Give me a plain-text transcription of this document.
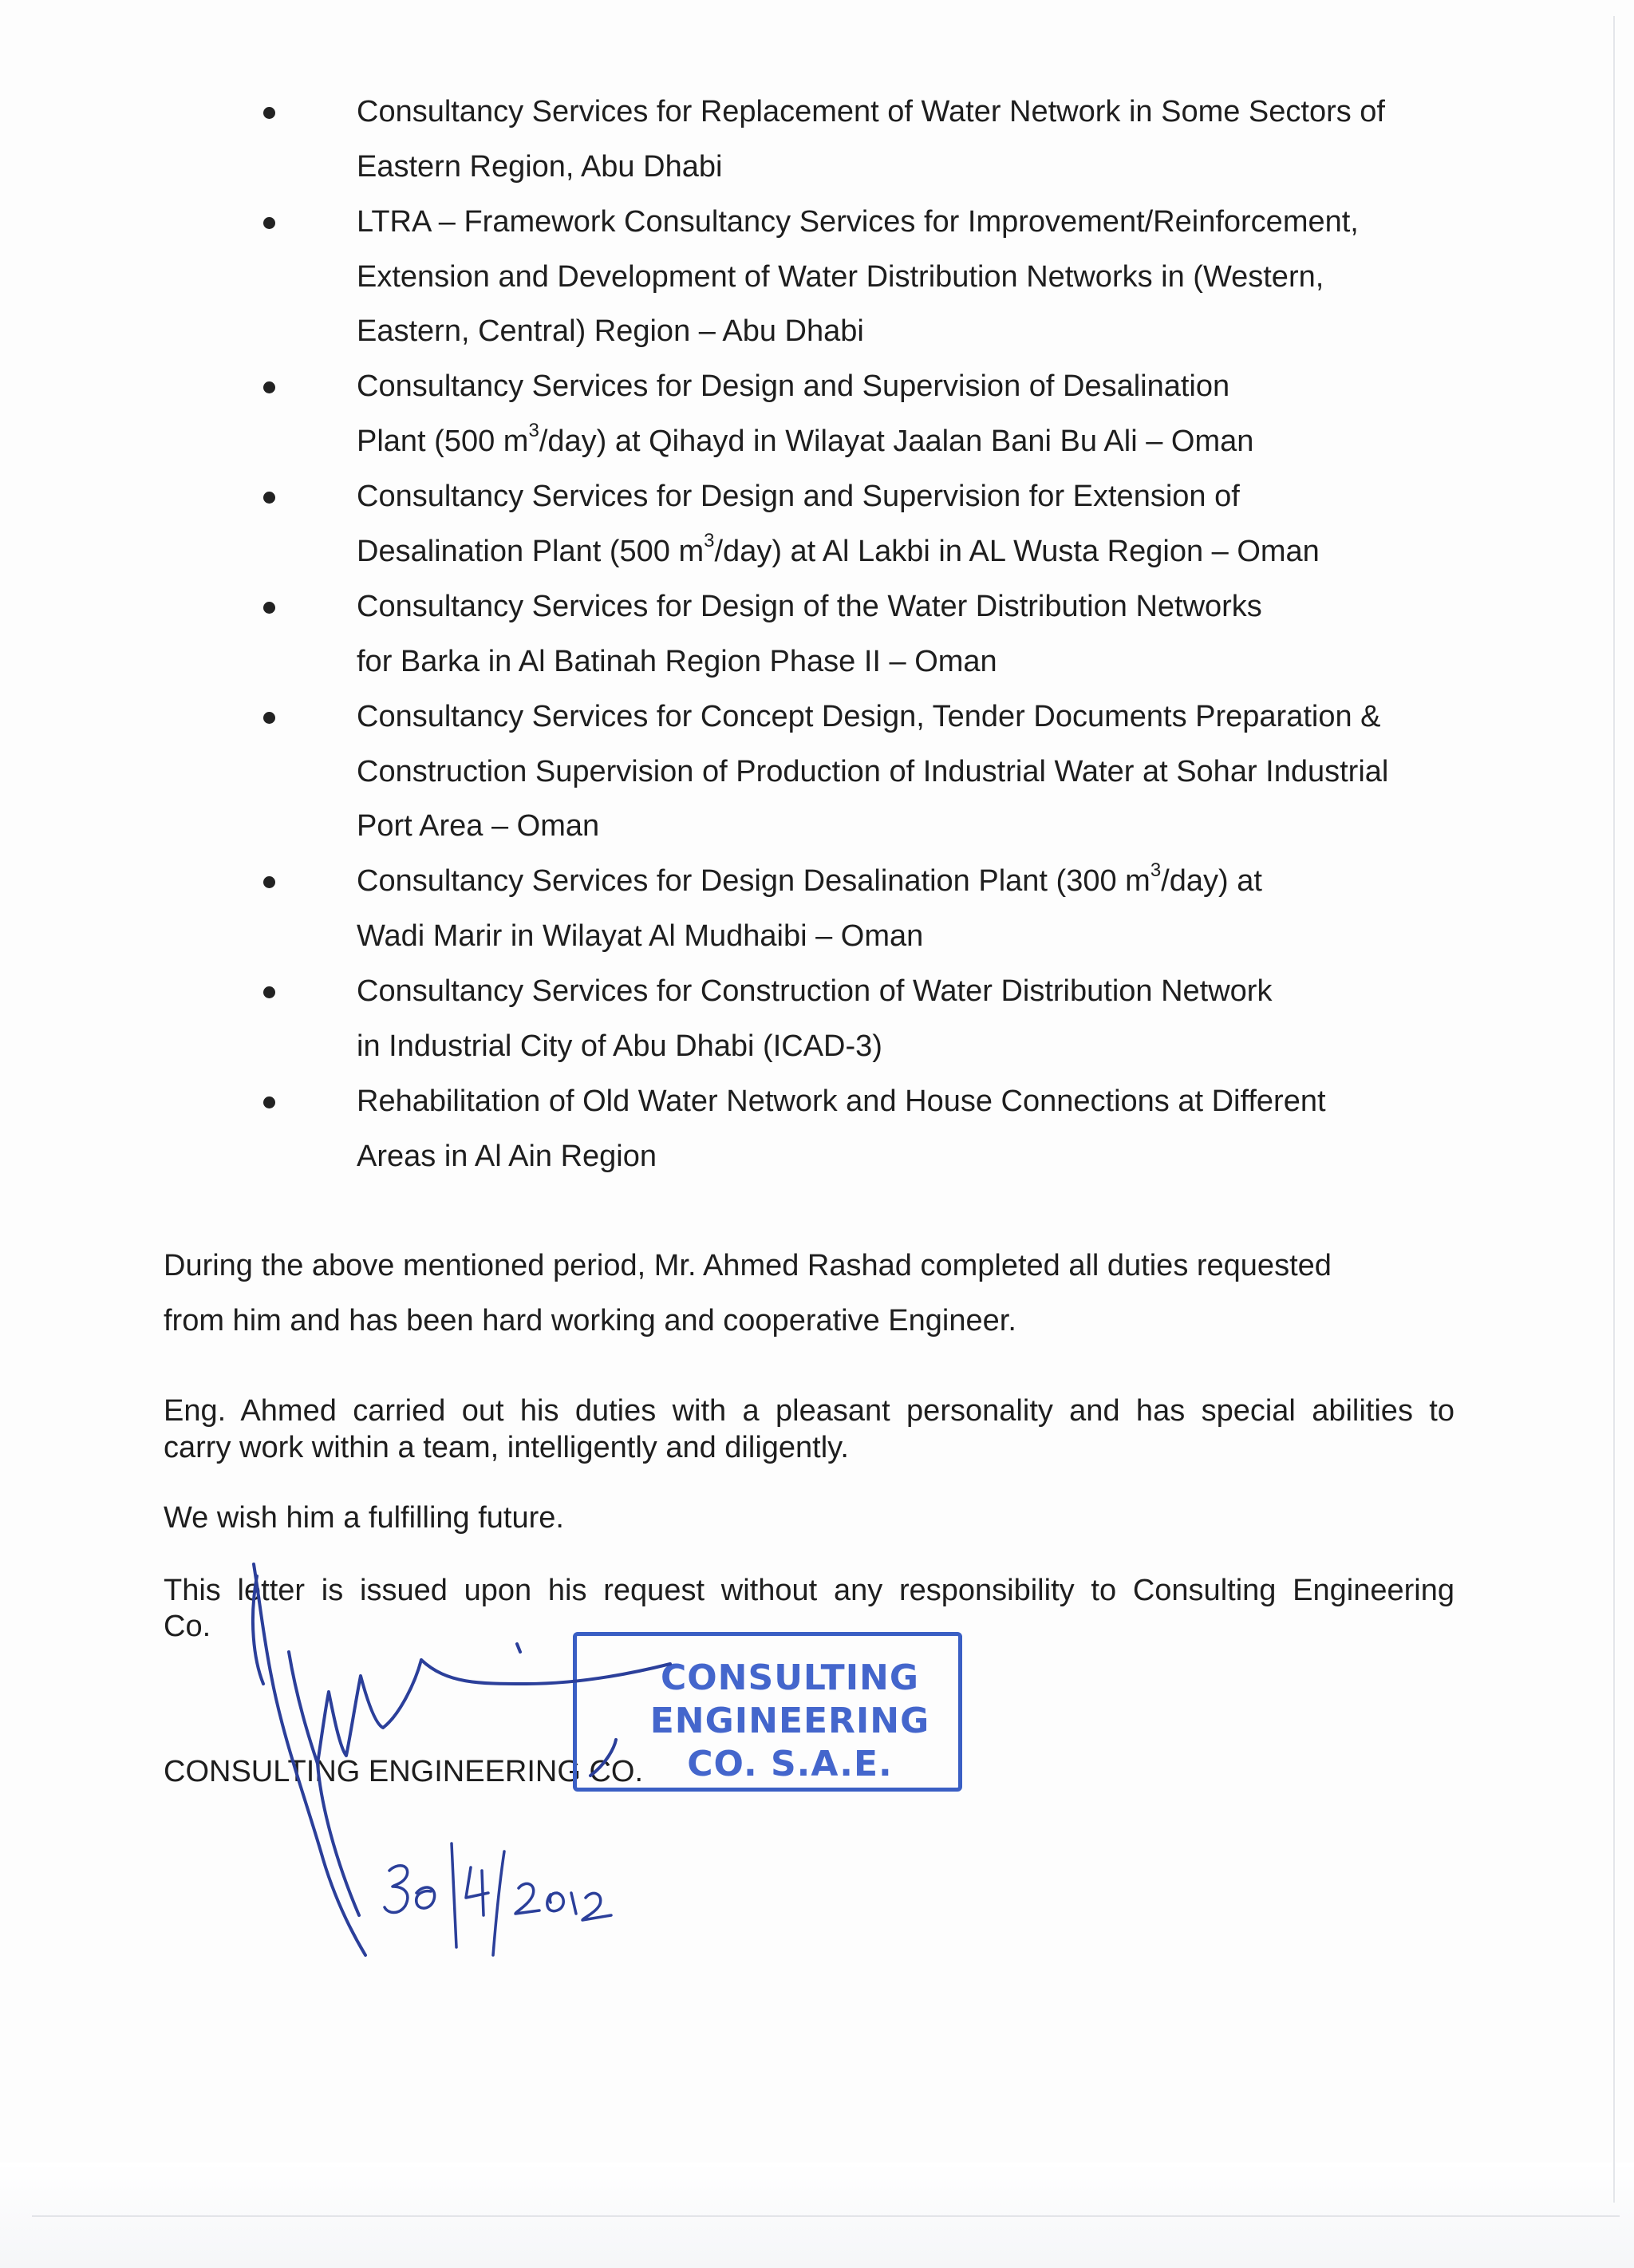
Consultancy Services for Replacement of Water Network in Some Sectors of
Eastern Region, Abu Dhabi
LTRA – Framework Consultancy Services for Improvement/Reinforcement,
Extension and Development of Water Distribution Networks in (Western,
Eastern, Central) Region – Abu Dhabi
Consultancy Services for Design and Supervision of Desalination
Plant (500 $m^3/day$) at Qihayd in Wilayat Jaalan Bani Bu Ali – Oman
Consultancy Services for Design and Supervision for Extension of
Desalination Plant (500 $m^3/day$) at Al Lakbi in AL Wusta Region – Oman
Consultancy Services for Design of the Water Distribution Networks
for Barka in Al Batinah Region Phase II – Oman
Consultancy Services for Concept Design, Tender Documents Preparation &
Construction Supervision of Production of Industrial Water at Sohar Industrial
Port Area – Oman
Consultancy Services for Design Desalination Plant (300 $m^3/day$) at
Wadi Marir in Wilayat Al Mudhaibi – Oman
Consultancy Services for Construction of Water Distribution Network
in Industrial City of Abu Dhabi (ICAD-3)
Rehabilitation of Old Water Network and House Connections at Different
Areas in Al Ain Region
During the above mentioned period, Mr. Ahmed Rashad completed all duties requested
from him and has been hard working and cooperative Engineer.
Eng. Ahmed carried out his duties with a pleasant personality and has special abilities to
carry work within a team, intelligently and diligently.
We wish him a fulfilling future.
This letter is issued upon his request without any responsibility to Consulting Engineering
Co.
CONSULTING ENGINEERING CO.
CONSULTING
ENGINEERING
CO. S.A.E.
